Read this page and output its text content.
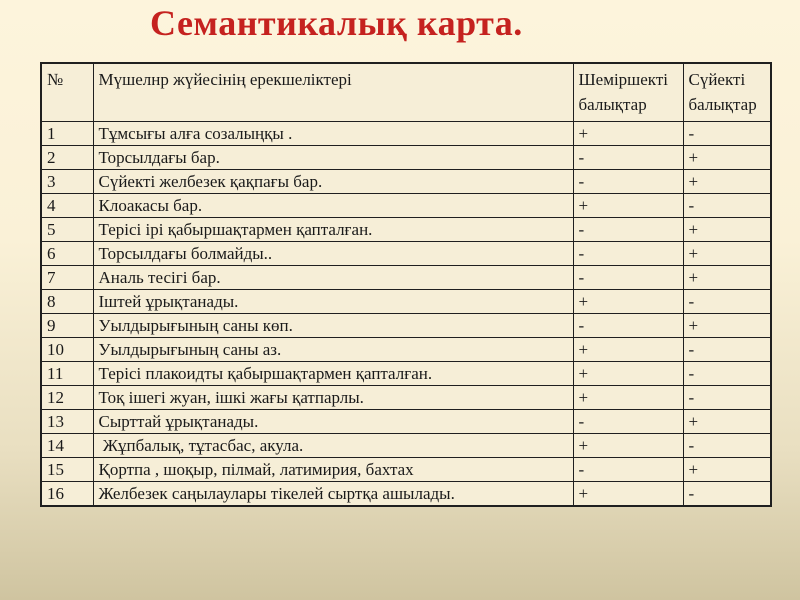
Семантикалық карта.
№	Мүшелнр жүйесінің ерекшеліктері	Шеміршекті балықтар	Сүйекті балықтар
1	Тұмсығы алға созалыңқы .	+	-
2	Торсылдағы бар.	-	+
3	Сүйекті желбезек қақпағы бар.	-	+
4	Клоакасы бар.	+	-
5	Терісі ірі қабыршақтармен қапталған.	-	+
6	Торсылдағы болмайды..	-	+
7	Аналь тесігі бар.	-	+
8	Іштей ұрықтанады.	+	-
9	Уылдырығының саны көп.	-	+
10	Уылдырығының саны аз.	+	-
11	Терісі плакоидты қабыршақтармен қапталған.	+	-
12	Тоқ ішегі жуан, ішкі жағы қатпарлы.	+	-
13	Сырттай ұрықтанады.	-	+
14	Жұпбалық, тұтасбас, акула.	+	-
15	Қортпа , шоқыр, пілмай, латимирия, бахтах	-	+
16	Желбезек саңылаулары тікелей сыртқа ашылады.	+	-
